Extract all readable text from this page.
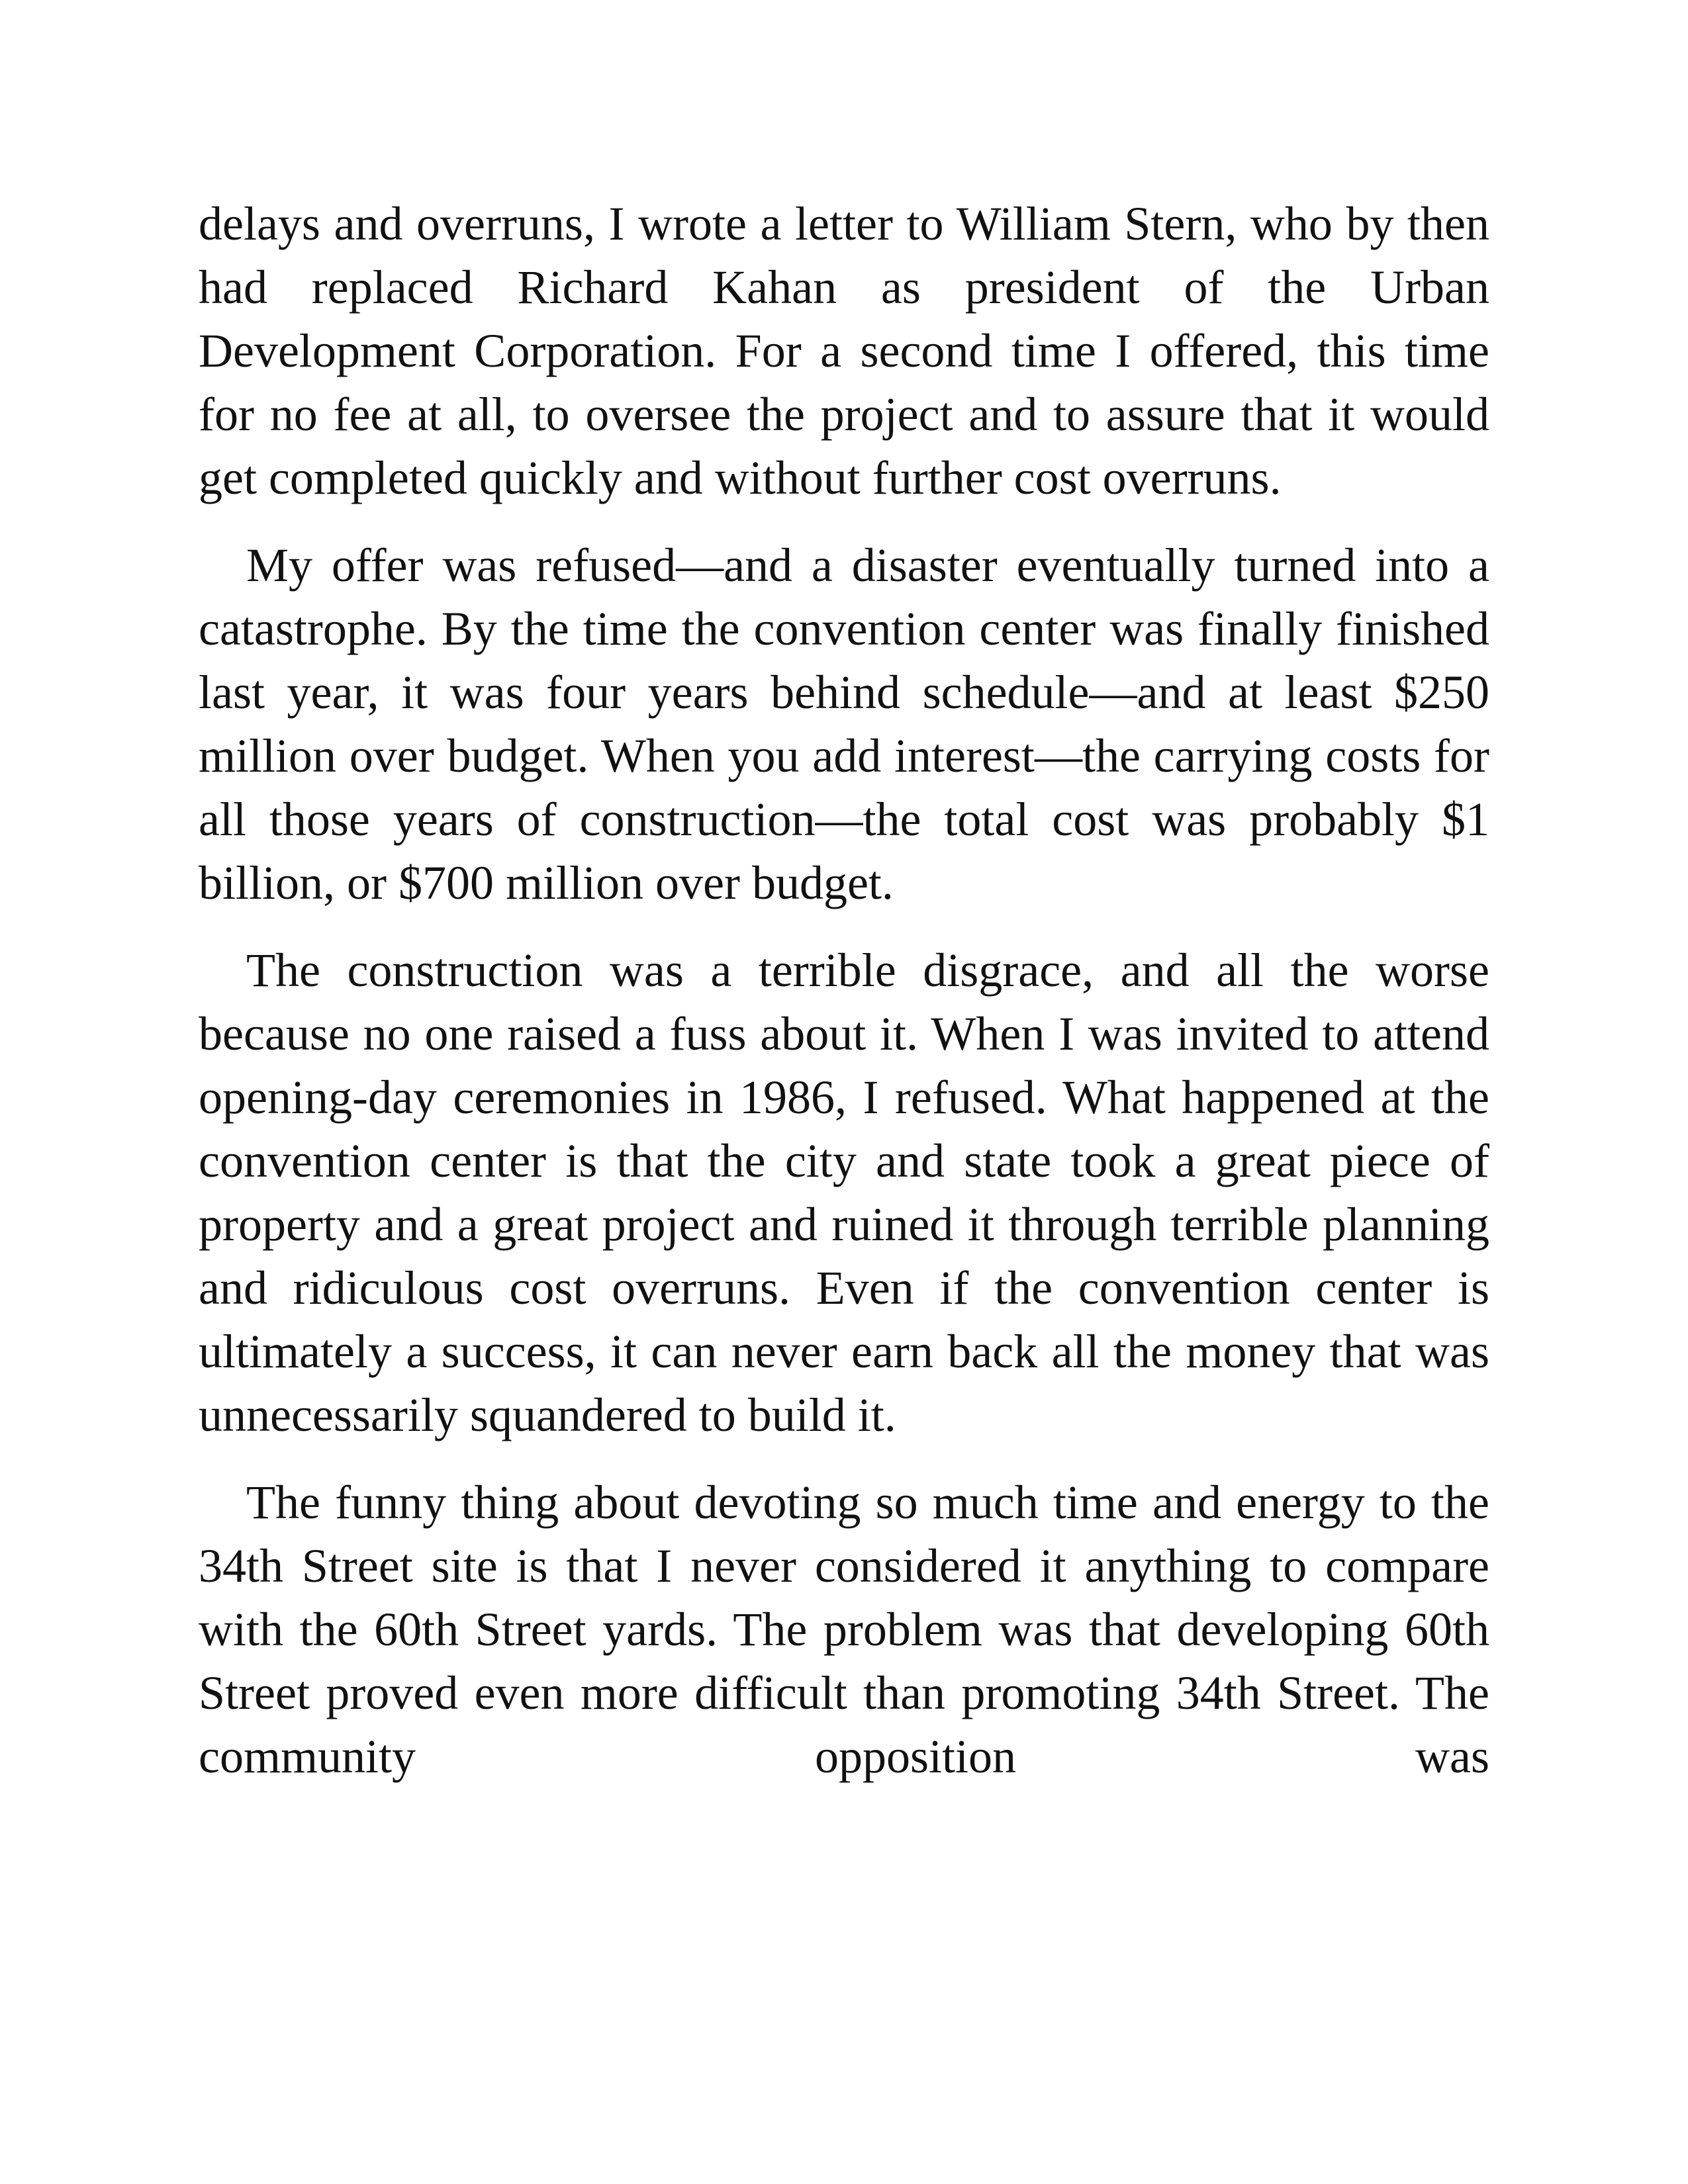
delays and overruns, I wrote a letter to William Stern, who by then had replaced Richard Kahan as president of the Urban Development Corporation. For a second time I offered, this time for no fee at all, to oversee the project and to assure that it would get completed quickly and without further cost overruns.

My offer was refused—and a disaster eventually turned into a catastrophe. By the time the convention center was finally finished last year, it was four years behind schedule—and at least $250 million over budget. When you add interest—the carrying costs for all those years of construction—the total cost was probably $1 billion, or $700 million over budget.

The construction was a terrible disgrace, and all the worse because no one raised a fuss about it. When I was invited to attend opening-day ceremonies in 1986, I refused. What happened at the convention center is that the city and state took a great piece of property and a great project and ruined it through terrible planning and ridiculous cost overruns. Even if the convention center is ultimately a success, it can never earn back all the money that was unnecessarily squandered to build it.

The funny thing about devoting so much time and energy to the 34th Street site is that I never considered it anything to compare with the 60th Street yards. The problem was that developing 60th Street proved even more difficult than promoting 34th Street. The community opposition was
